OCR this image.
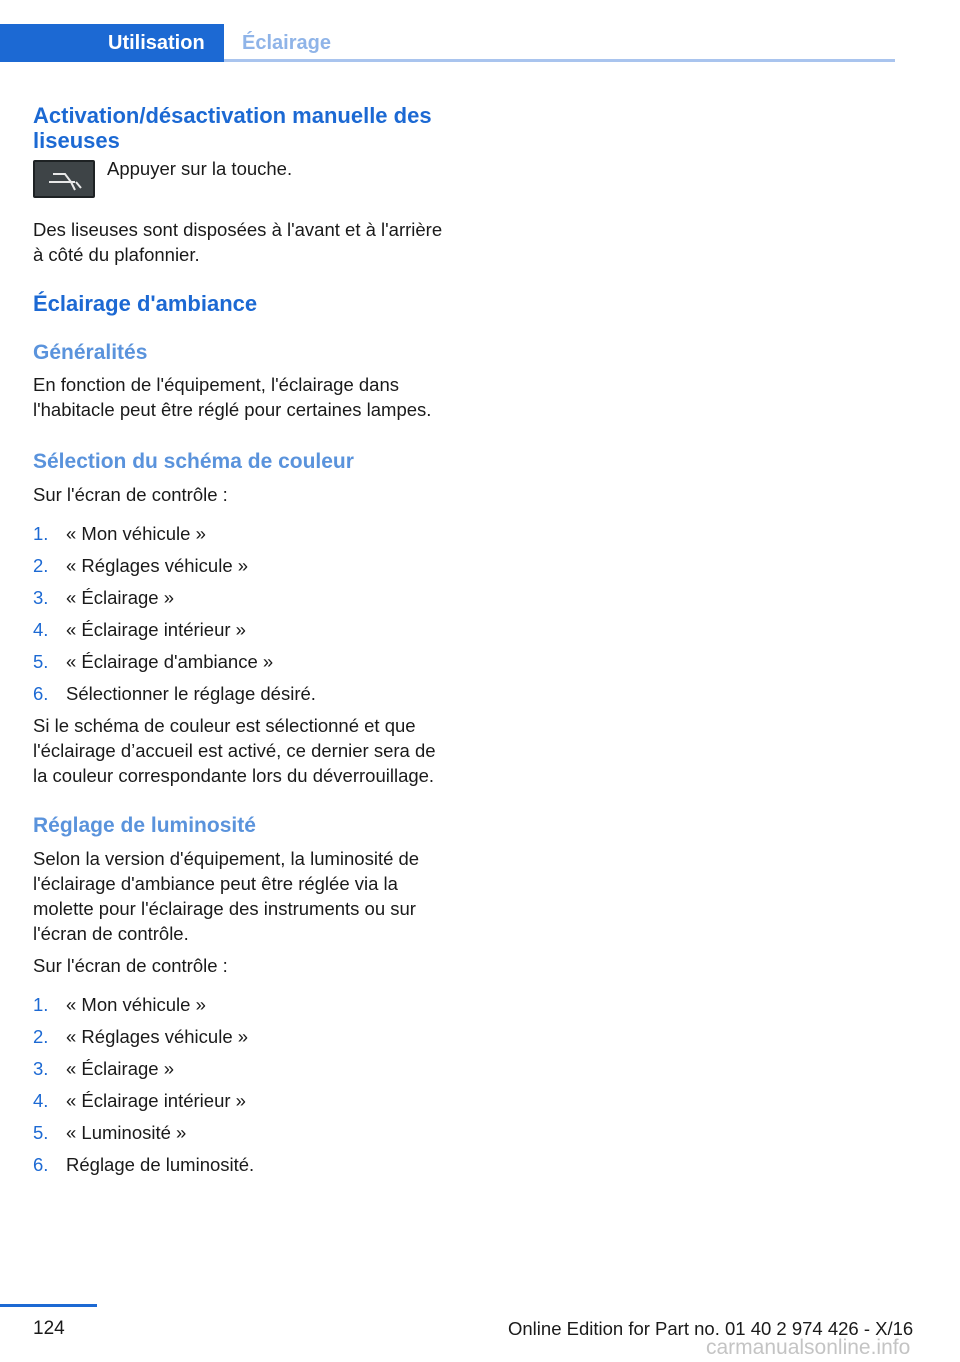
Utilisation	Éclairage
Activation/désactivation manuelle des liseuses
Appuyer sur la touche.

Des liseuses sont disposées à l'avant et à l'arrière à côté du plafonnier.

Éclairage d'ambiance
Généralités

En fonction de l'équipement, l'éclairage dans l'habitacle peut être réglé pour certaines lampes.

Sélection du schéma de couleur

Sur l'écran de contrôle :

1. « Mon véhicule »
2. « Réglages véhicule »
3. « Éclairage »
4. « Éclairage intérieur »
5. « Éclairage d'ambiance »
6. Sélectionner le réglage désiré.

Si le schéma de couleur est sélectionné et que l'éclairage d’accueil est activé, ce dernier sera de la couleur correspondante lors du déverrouillage.

Réglage de luminosité

Selon la version d'équipement, la luminosité de l'éclairage d'ambiance peut être réglée via la molette pour l'éclairage des instruments ou sur l'écran de contrôle.

Sur l'écran de contrôle :

1. « Mon véhicule »
2. « Réglages véhicule »
3. « Éclairage »
4. « Éclairage intérieur »
5. « Luminosité »
6. Réglage de luminosité.
124	Online Edition for Part no. 01 40 2 974 426 - X/16
carmanualsonline.info
